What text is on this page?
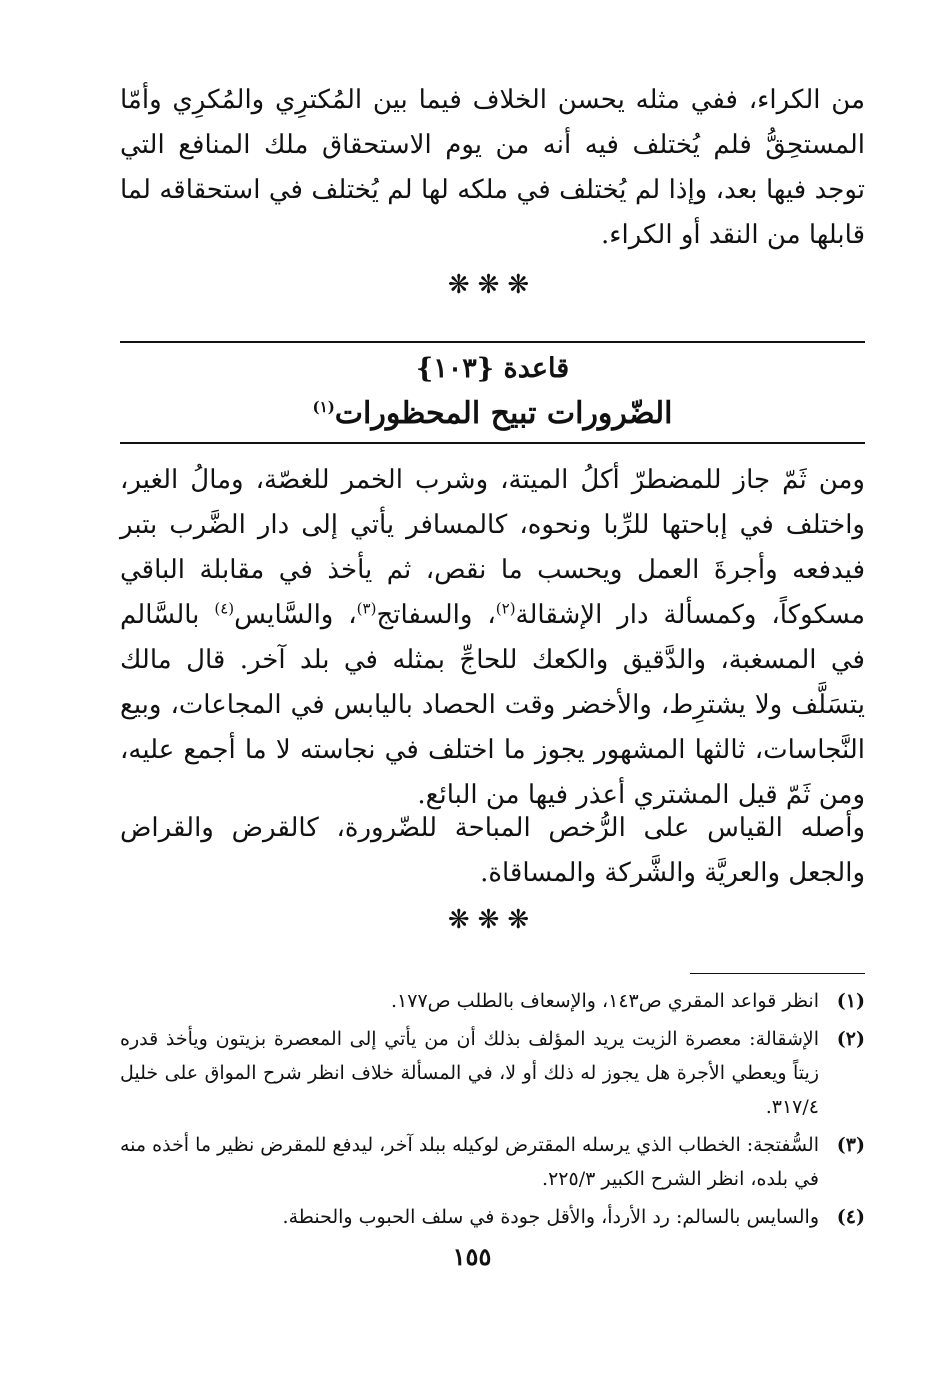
من الكراء، ففي مثله يحسن الخلاف فيما بين المُكترِي والمُكرِي وأمّا المستحِقُّ فلم يُختلف فيه أنه من يوم الاستحقاق ملك المنافع التي توجد فيها بعد، وإذا لم يُختلف في ملكه لها لم يُختلف في استحقاقه لما قابلها من النقد أو الكراء.

❋❋❋
قاعدة {١٠٣}
الضّرورات تبيح المحظورات$^{(١)}$

ومن ثَمّ جاز للمضطرّ أكلُ الميتة، وشرب الخمر للغصّة، ومالُ الغير، واختلف في إباحتها للرِّبا ونحوه، كالمسافر يأتي إلى دار الضَّرب بتبر فيدفعه وأجرةَ العمل ويحسب ما نقص، ثم يأخذ في مقابلة الباقي مسكوكاً، وكمسألة دار الإشقالة$^{(٢)}$، والسفاتج$^{(٣)}$، والسَّايس$^{(٤)}$ بالسَّالم في المسغبة، والدَّقيق والكعك للحاجِّ بمثله في بلد آخر. قال مالك يتسَلَّف ولا يشترِط، والأخضر وقت الحصاد باليابس في المجاعات، وبيع النَّجاسات، ثالثها المشهور يجوز ما اختلف في نجاسته لا ما أجمع عليه، ومن ثَمّ قيل المشتري أعذر فيها من البائع.

وأصله القياس على الرُّخص المباحة للضّرورة، كالقرض والقراض والجعل والعريَّة والشَّركة والمساقاة.

❋❋❋
(١)

انظر قواعد المقري ص١٤٣، والإسعاف بالطلب ص١٧٧.

(٢)

الإشقالة: معصرة الزيت يريد المؤلف بذلك أن من يأتي إلى المعصرة بزيتون ويأخذ قدره زيتاً ويعطي الأجرة هل يجوز له ذلك أو لا، في المسألة خلاف انظر شرح المواق على خليل ٣١٧/٤.

(٣)

السُّفتجة: الخطاب الذي يرسله المقترض لوكيله ببلد آخر، ليدفع للمقرض نظير ما أخذه منه في بلده، انظر الشرح الكبير ٢٢٥/٣.

(٤)

والسايس بالسالم: رد الأردأ، والأقل جودة في سلف الحبوب والحنطة.

١٥٥
